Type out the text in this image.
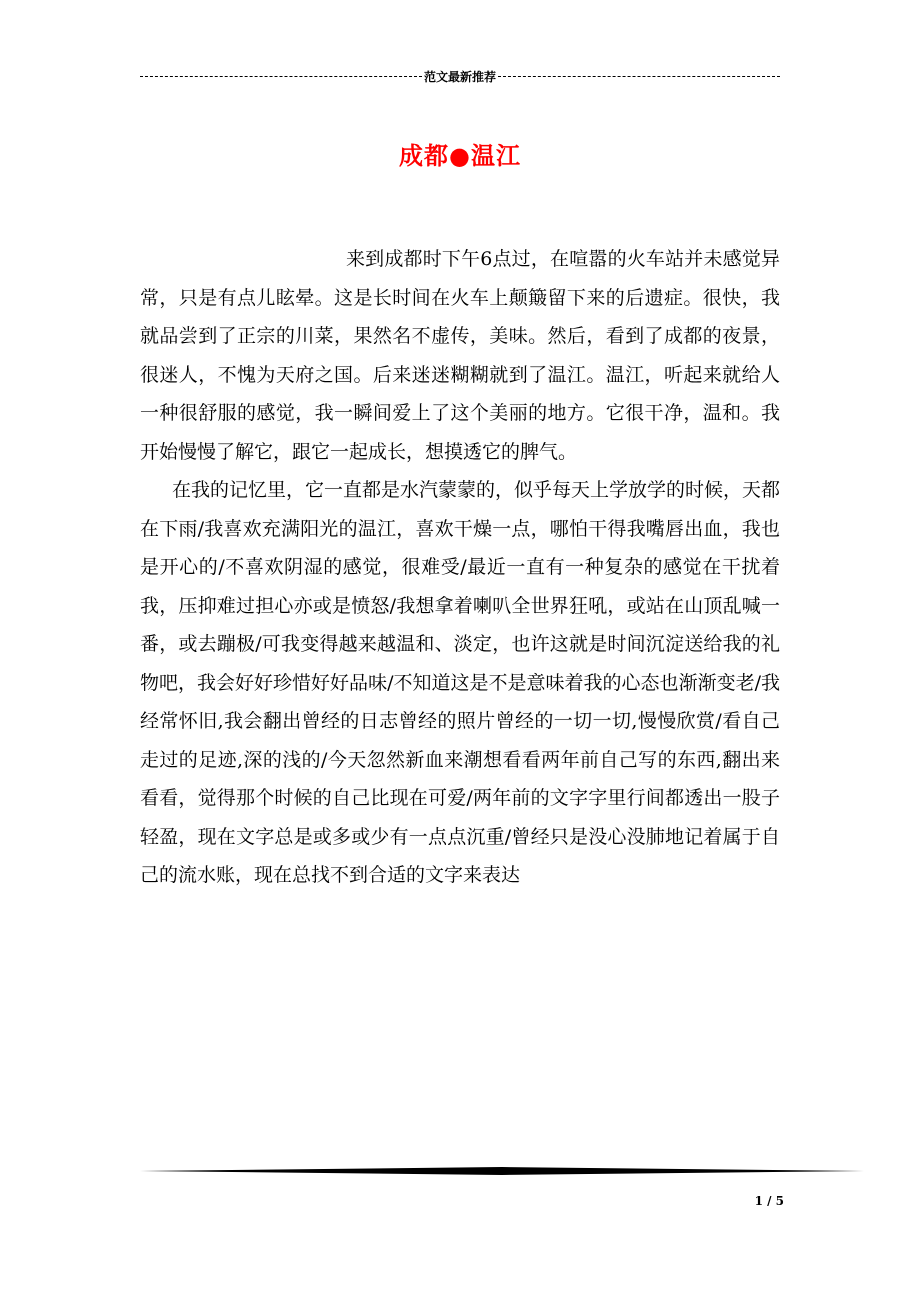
范文最新推荐
成都●温江

来到成都时下午6点过，在喧嚣的火车站并未感觉异常，只是有点儿眩晕。这是长时间在火车上颠簸留下来的后遗症。很快，我就品尝到了正宗的川菜，果然名不虚传，美味。然后，看到了成都的夜景，很迷人，不愧为天府之国。后来迷迷糊糊就到了温江。温江，听起来就给人一种很舒服的感觉，我一瞬间爱上了这个美丽的地方。它很干净，温和。我开始慢慢了解它，跟它一起成长，想摸透它的脾气。

在我的记忆里，它一直都是水汽蒙蒙的，似乎每天上学放学的时候，天都在下雨/我喜欢充满阳光的温江，喜欢干燥一点，哪怕干得我嘴唇出血，我也是开心的/不喜欢阴湿的感觉，很难受/最近一直有一种复杂的感觉在干扰着我，压抑难过担心亦或是愤怒/我想拿着喇叭全世界狂吼，或站在山顶乱喊一番，或去蹦极/可我变得越来越温和、淡定，也许这就是时间沉淀送给我的礼物吧，我会好好珍惜好好品味/不知道这是不是意味着我的心态也渐渐变老/我经常怀旧,我会翻出曾经的日志曾经的照片曾经的一切一切,慢慢欣赏/看自己走过的足迹,深的浅的/今天忽然新血来潮想看看两年前自己写的东西,翻出来看看，觉得那个时候的自己比现在可爱/两年前的文字字里行间都透出一股子轻盈，现在文字总是或多或少有一点点沉重/曾经只是没心没肺地记着属于自己的流水账，现在总找不到合适的文字来表达

1 / 5
